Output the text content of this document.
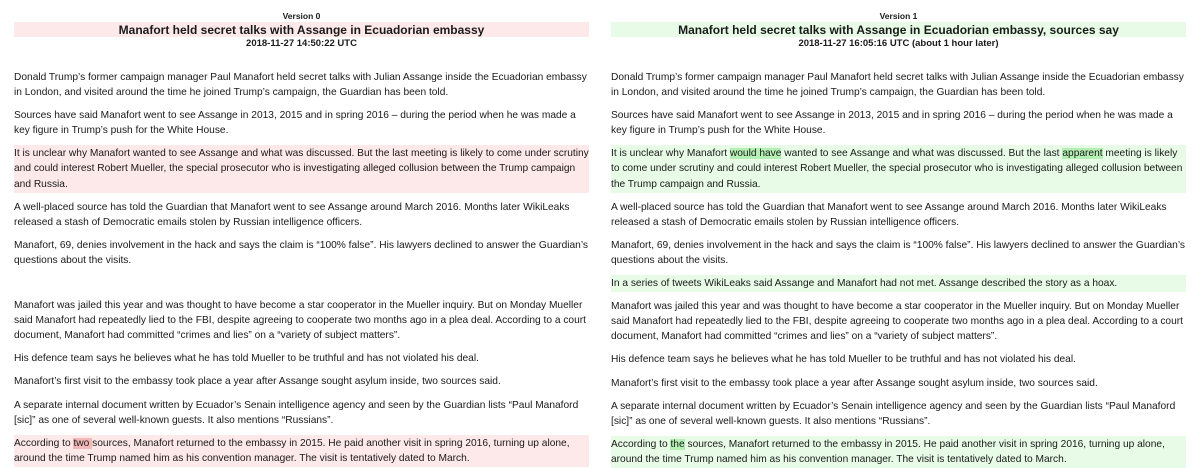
Version 0
Manafort held secret talks with Assange in Ecuadorian embassy
2018-11-27 14:50:22 UTC

Donald Trump’s former campaign manager Paul Manafort held secret talks with Julian Assange inside the Ecuadorian embassy in London, and visited around the time he joined Trump’s campaign, the Guardian has been told.

Sources have said Manafort went to see Assange in 2013, 2015 and in spring 2016 – during the period when he was made a key figure in Trump’s push for the White House.

It is unclear why Manafort wanted to see Assange and what was discussed. But the last meeting is likely to come under scrutiny and could interest Robert Mueller, the special prosecutor who is investigating alleged collusion between the Trump campaign and Russia.

A well-placed source has told the Guardian that Manafort went to see Assange around March 2016. Months later WikiLeaks released a stash of Democratic emails stolen by Russian intelligence officers.

Manafort, 69, denies involvement in the hack and says the claim is “100% false”. His lawyers declined to answer the Guardian’s questions about the visits.

Manafort was jailed this year and was thought to have become a star cooperator in the Mueller inquiry. But on Monday Mueller said Manafort had repeatedly lied to the FBI, despite agreeing to cooperate two months ago in a plea deal. According to a court document, Manafort had committed “crimes and lies” on a “variety of subject matters”.

His defence team says he believes what he has told Mueller to be truthful and has not violated his deal.

Manafort’s first visit to the embassy took place a year after Assange sought asylum inside, two sources said.

A separate internal document written by Ecuador’s Senain intelligence agency and seen by the Guardian lists “Paul Manaford [sic]” as one of several well-known guests. It also mentions “Russians”.

According to two sources, Manafort returned to the embassy in 2015. He paid another visit in spring 2016, turning up alone, around the time Trump named him as his convention manager. The visit is tentatively dated to March.

Version 1
Manafort held secret talks with Assange in Ecuadorian embassy, sources say
2018-11-27 16:05:16 UTC (about 1 hour later)

Donald Trump’s former campaign manager Paul Manafort held secret talks with Julian Assange inside the Ecuadorian embassy in London, and visited around the time he joined Trump’s campaign, the Guardian has been told.

Sources have said Manafort went to see Assange in 2013, 2015 and in spring 2016 – during the period when he was made a key figure in Trump’s push for the White House.

It is unclear why Manafort would have wanted to see Assange and what was discussed. But the last apparent meeting is likely to come under scrutiny and could interest Robert Mueller, the special prosecutor who is investigating alleged collusion between the Trump campaign and Russia.

A well-placed source has told the Guardian that Manafort went to see Assange around March 2016. Months later WikiLeaks released a stash of Democratic emails stolen by Russian intelligence officers.

Manafort, 69, denies involvement in the hack and says the claim is “100% false”. His lawyers declined to answer the Guardian’s questions about the visits.

In a series of tweets WikiLeaks said Assange and Manafort had not met. Assange described the story as a hoax.

Manafort was jailed this year and was thought to have become a star cooperator in the Mueller inquiry. But on Monday Mueller said Manafort had repeatedly lied to the FBI, despite agreeing to cooperate two months ago in a plea deal. According to a court document, Manafort had committed “crimes and lies” on a “variety of subject matters”.

His defence team says he believes what he has told Mueller to be truthful and has not violated his deal.

Manafort’s first visit to the embassy took place a year after Assange sought asylum inside, two sources said.

A separate internal document written by Ecuador’s Senain intelligence agency and seen by the Guardian lists “Paul Manaford [sic]” as one of several well-known guests. It also mentions “Russians”.

According to the sources, Manafort returned to the embassy in 2015. He paid another visit in spring 2016, turning up alone, around the time Trump named him as his convention manager. The visit is tentatively dated to March.
